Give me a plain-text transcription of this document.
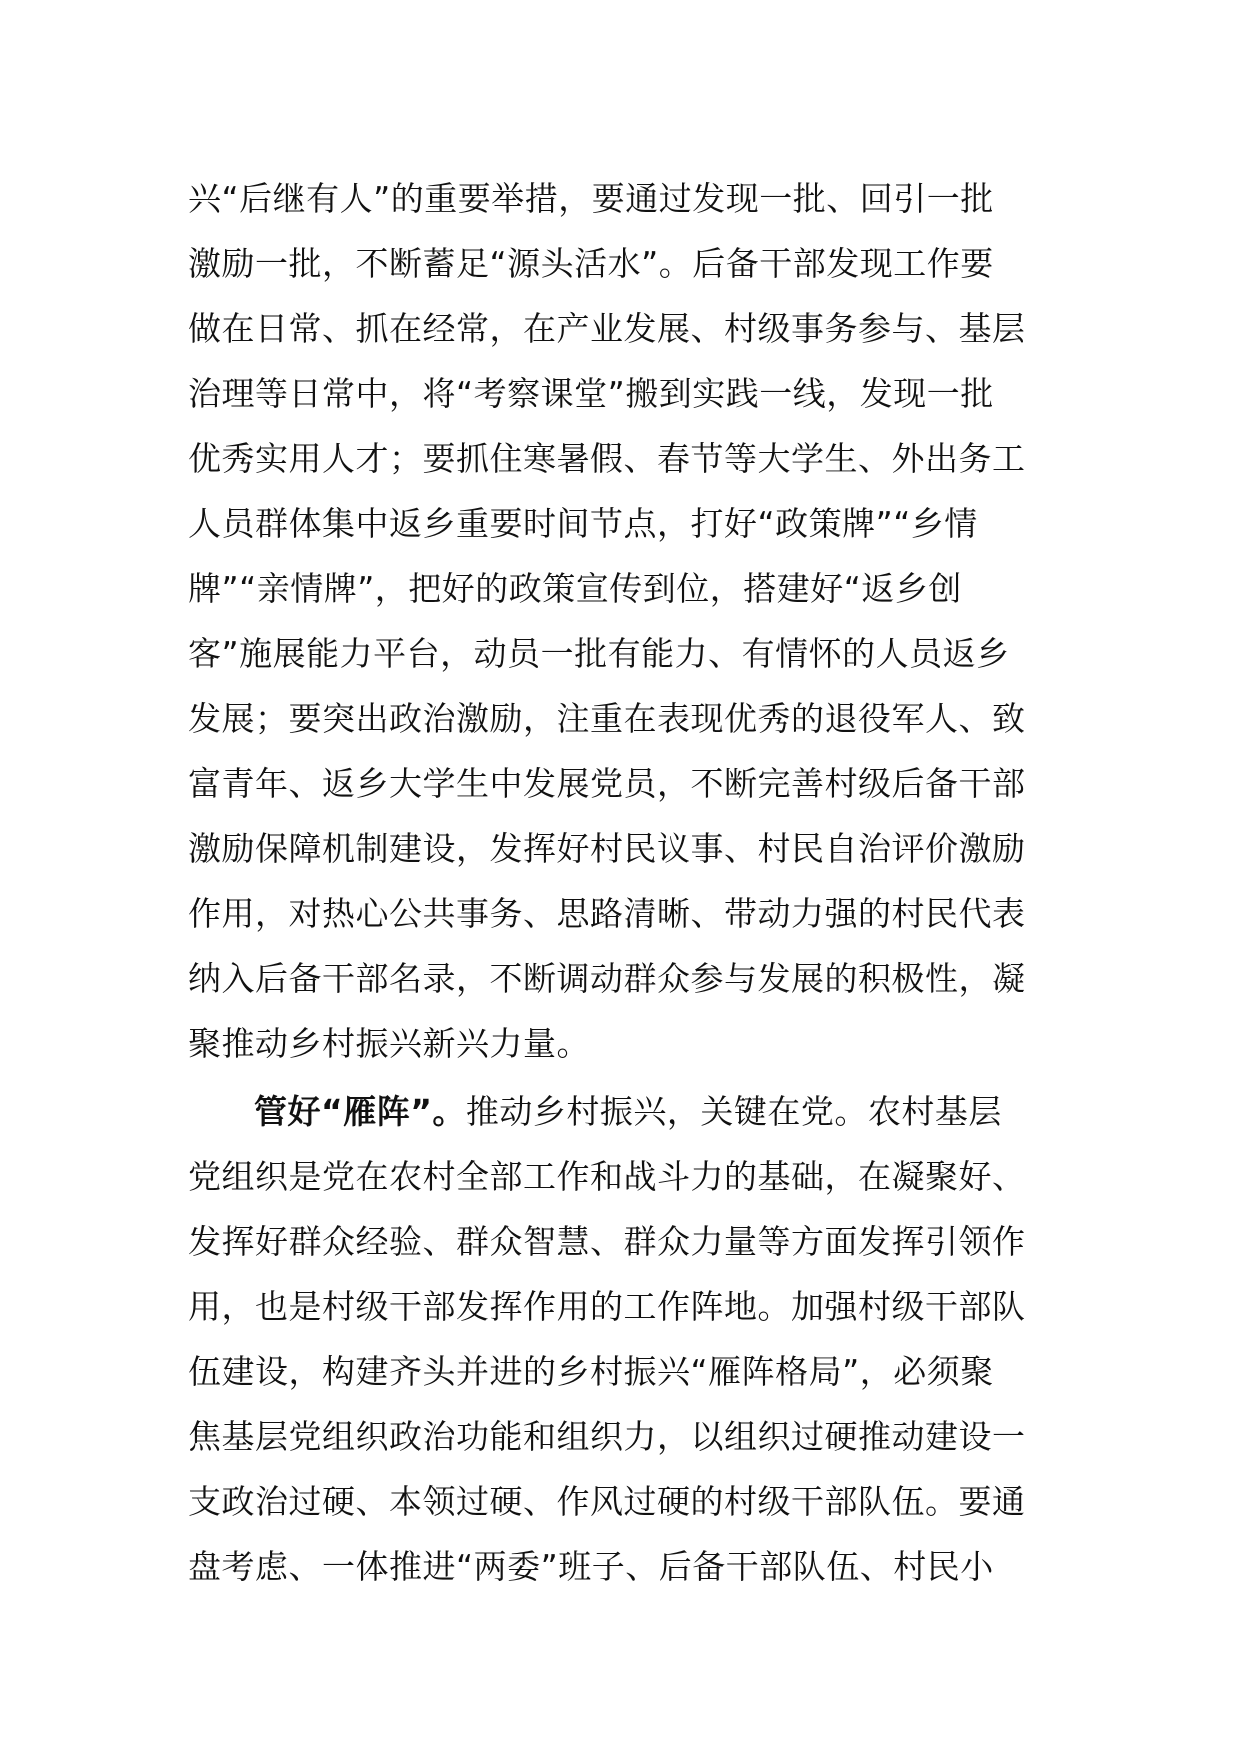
兴“后继有人”的重要举措，要通过发现一批、回引一批
激励一批，不断蓄足“源头活水”。后备干部发现工作要
做在日常、抓在经常，在产业发展、村级事务参与、基层
治理等日常中，将“考察课堂”搬到实践一线，发现一批
优秀实用人才；要抓住寒暑假、春节等大学生、外出务工
人员群体集中返乡重要时间节点，打好“政策牌”“乡情
牌”“亲情牌”，把好的政策宣传到位，搭建好“返乡创
客”施展能力平台，动员一批有能力、有情怀的人员返乡
发展；要突出政治激励，注重在表现优秀的退役军人、致
富青年、返乡大学生中发展党员，不断完善村级后备干部
激励保障机制建设，发挥好村民议事、村民自治评价激励
作用，对热心公共事务、思路清晰、带动力强的村民代表
纳入后备干部名录，不断调动群众参与发展的积极性，凝
聚推动乡村振兴新兴力量。
管好“雁阵”。推动乡村振兴，关键在党。农村基层
党组织是党在农村全部工作和战斗力的基础，在凝聚好、
发挥好群众经验、群众智慧、群众力量等方面发挥引领作
用，也是村级干部发挥作用的工作阵地。加强村级干部队
伍建设，构建齐头并进的乡村振兴“雁阵格局”，必须聚
焦基层党组织政治功能和组织力，以组织过硬推动建设一
支政治过硬、本领过硬、作风过硬的村级干部队伍。要通
盘考虑、一体推进“两委”班子、后备干部队伍、村民小
